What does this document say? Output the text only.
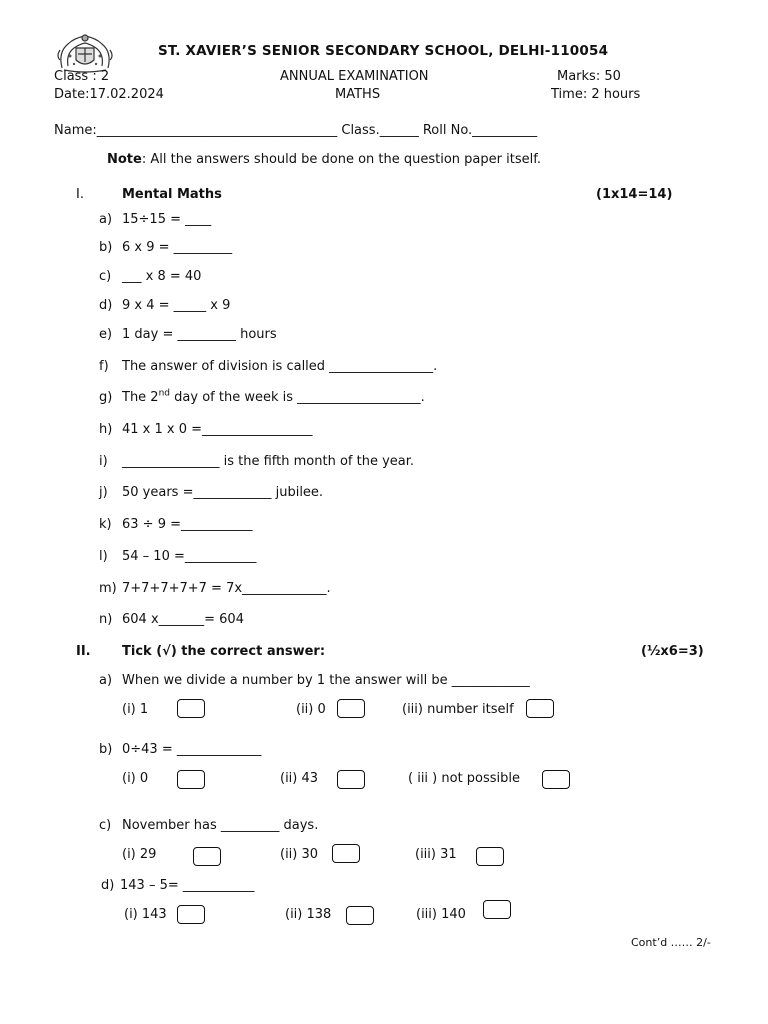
ST. XAVIER’S SENIOR SECONDARY SCHOOL, DELHI-110054
Class : 2	ANNUAL EXAMINATION	Marks: 50
Date:17.02.2024	MATHS	Time: 2 hours
Name:_____________________________________ Class.______ Roll No.__________
Note: All the answers should be done on the question paper itself.
I.	Mental Maths	(1x14=14)
a) 15÷15 = ____
b) 6 x 9 = _________
c) ___ x 8 = 40
d) 9 x 4 = _____ x 9
e) 1 day = _________ hours
f) The answer of division is called ________________.
g) The 2nd day of the week is ___________________.
h) 41 x 1 x 0 =_________________
i) _______________ is the fifth month of the year.
j) 50 years =____________ jubilee.
k) 63 ÷ 9 =___________
l) 54 – 10 =___________
m) 7+7+7+7+7 = 7x_____________.
n) 604 x_______= 604
II. Tick (√) the correct answer:	(½x6=3)
a) When we divide a number by 1 the answer will be ____________
(i) 1	(ii) 0	(iii) number itself
b) 0÷43 = _____________
(i) 0	(ii) 43	( iii ) not possible
c) November has _________ days.
(i) 29	(ii) 30	(iii) 31
d) 143 – 5= ___________
(i) 143	(ii) 138	(iii) 140
Cont’d …… 2/-
